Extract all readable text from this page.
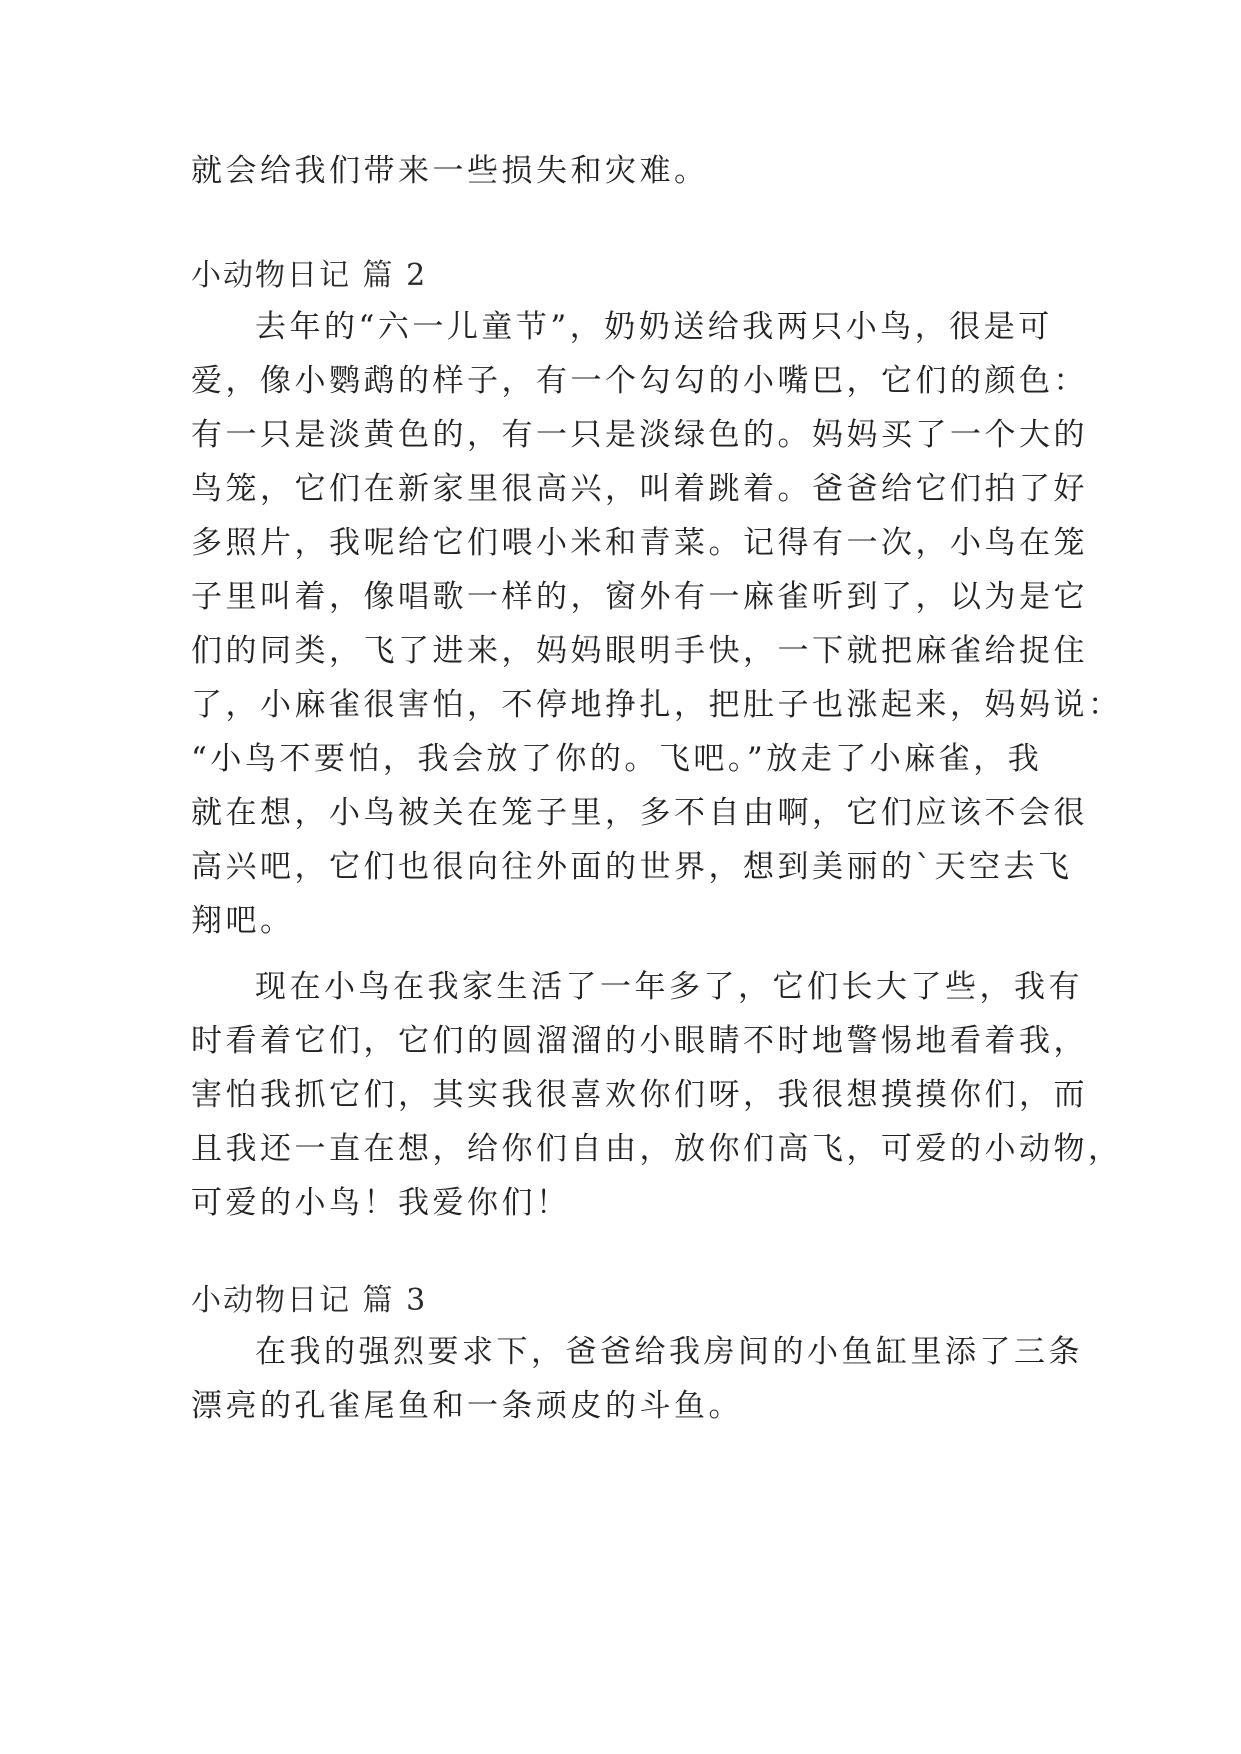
就会给我们带来一些损失和灾难。
小动物日记 篇 2
去年的“六一儿童节”，奶奶送给我两只小鸟，很是可
爱，像小鹦鹉的样子，有一个勾勾的小嘴巴，它们的颜色：
有一只是淡黄色的，有一只是淡绿色的。妈妈买了一个大的
鸟笼，它们在新家里很高兴，叫着跳着。爸爸给它们拍了好
多照片，我呢给它们喂小米和青菜。记得有一次，小鸟在笼
子里叫着，像唱歌一样的，窗外有一麻雀听到了，以为是它
们的同类，飞了进来，妈妈眼明手快，一下就把麻雀给捉住
了，小麻雀很害怕，不停地挣扎，把肚子也涨起来，妈妈说：
“小鸟不要怕，我会放了你的。飞吧。”放走了小麻雀，我
就在想，小鸟被关在笼子里，多不自由啊，它们应该不会很
高兴吧，它们也很向往外面的世界，想到美丽的`天空去飞
翔吧。
现在小鸟在我家生活了一年多了，它们长大了些，我有
时看着它们，它们的圆溜溜的小眼睛不时地警惕地看着我，
害怕我抓它们，其实我很喜欢你们呀，我很想摸摸你们，而
且我还一直在想，给你们自由，放你们高飞，可爱的小动物，
可爱的小鸟！我爱你们！
小动物日记 篇 3
在我的强烈要求下，爸爸给我房间的小鱼缸里添了三条
漂亮的孔雀尾鱼和一条顽皮的斗鱼。
